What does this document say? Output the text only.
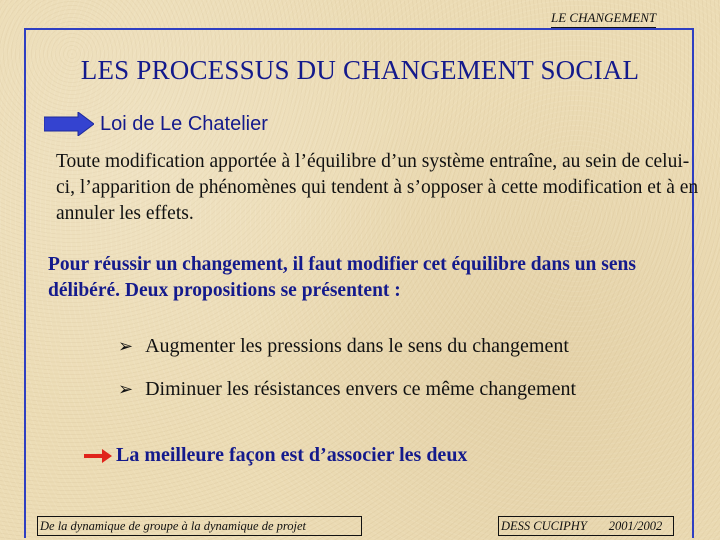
LE CHANGEMENT
LES PROCESSUS DU CHANGEMENT SOCIAL
Loi de Le Chatelier
Toute modification apportée à l’équilibre d’un système entraîne, au sein de celui-ci, l’apparition de phénomènes qui tendent à s’opposer à cette modification et à en annuler les effets.
Pour réussir un changement, il faut modifier cet équilibre dans un sens délibéré. Deux propositions se présentent :
➢ Augmenter les pressions dans le sens du changement
➢ Diminuer les résistances envers ce même changement
La meilleure façon est d’associer les deux
De la dynamique de groupe à la dynamique de projet	DESS CUCIPHY 2001/2002
